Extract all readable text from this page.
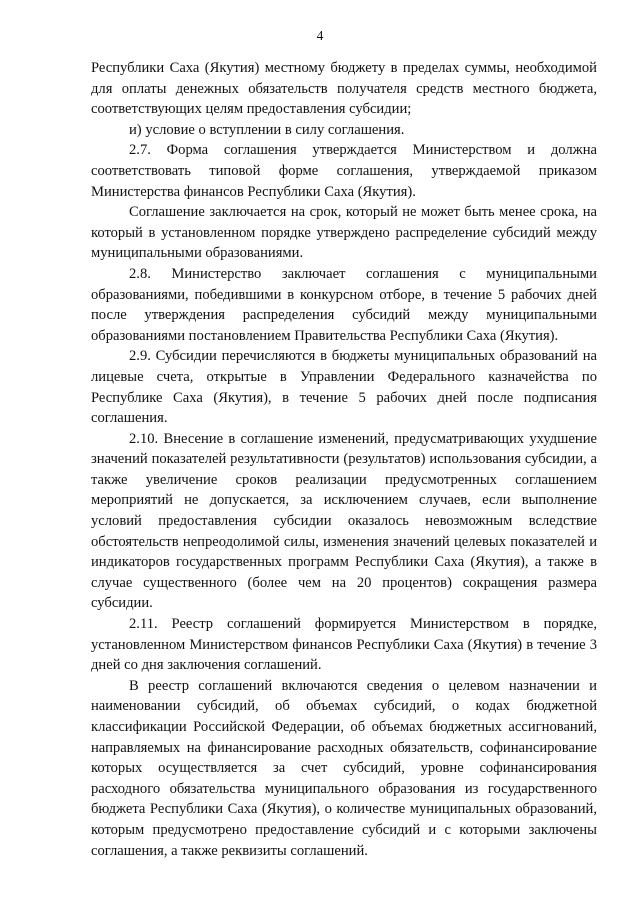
4

Республики Саха (Якутия) местному бюджету в пределах суммы, необходимой для оплаты денежных обязательств получателя средств местного бюджета, соответствующих целям предоставления субсидии;

и) условие о вступлении в силу соглашения.

2.7. Форма соглашения утверждается Министерством и должна соответствовать типовой форме соглашения, утверждаемой приказом Министерства финансов Республики Саха (Якутия).

Соглашение заключается на срок, который не может быть менее срока, на который в установленном порядке утверждено распределение субсидий между муниципальными образованиями.

2.8. Министерство заключает соглашения с муниципальными образованиями, победившими в конкурсном отборе, в течение 5 рабочих дней после утверждения распределения субсидий между муниципальными образованиями постановлением Правительства Республики Саха (Якутия).

2.9. Субсидии перечисляются в бюджеты муниципальных образований на лицевые счета, открытые в Управлении Федерального казначейства по Республике Саха (Якутия), в течение 5 рабочих дней после подписания соглашения.

2.10. Внесение в соглашение изменений, предусматривающих ухудшение значений показателей результативности (результатов) использования субсидии, а также увеличение сроков реализации предусмотренных соглашением мероприятий не допускается, за исключением случаев, если выполнение условий предоставления субсидии оказалось невозможным вследствие обстоятельств непреодолимой силы, изменения значений целевых показателей и индикаторов государственных программ Республики Саха (Якутия), а также в случае существенного (более чем на 20 процентов) сокращения размера субсидии.

2.11. Реестр соглашений формируется Министерством в порядке, установленном Министерством финансов Республики Саха (Якутия) в течение 3 дней со дня заключения соглашений.

В реестр соглашений включаются сведения о целевом назначении и наименовании субсидий, об объемах субсидий, о кодах бюджетной классификации Российской Федерации, об объемах бюджетных ассигнований, направляемых на финансирование расходных обязательств, софинансирование которых осуществляется за счет субсидий, уровне софинансирования расходного обязательства муниципального образования из государственного бюджета Республики Саха (Якутия), о количестве муниципальных образований, которым предусмотрено предоставление субсидий и с которыми заключены соглашения, а также реквизиты соглашений.
